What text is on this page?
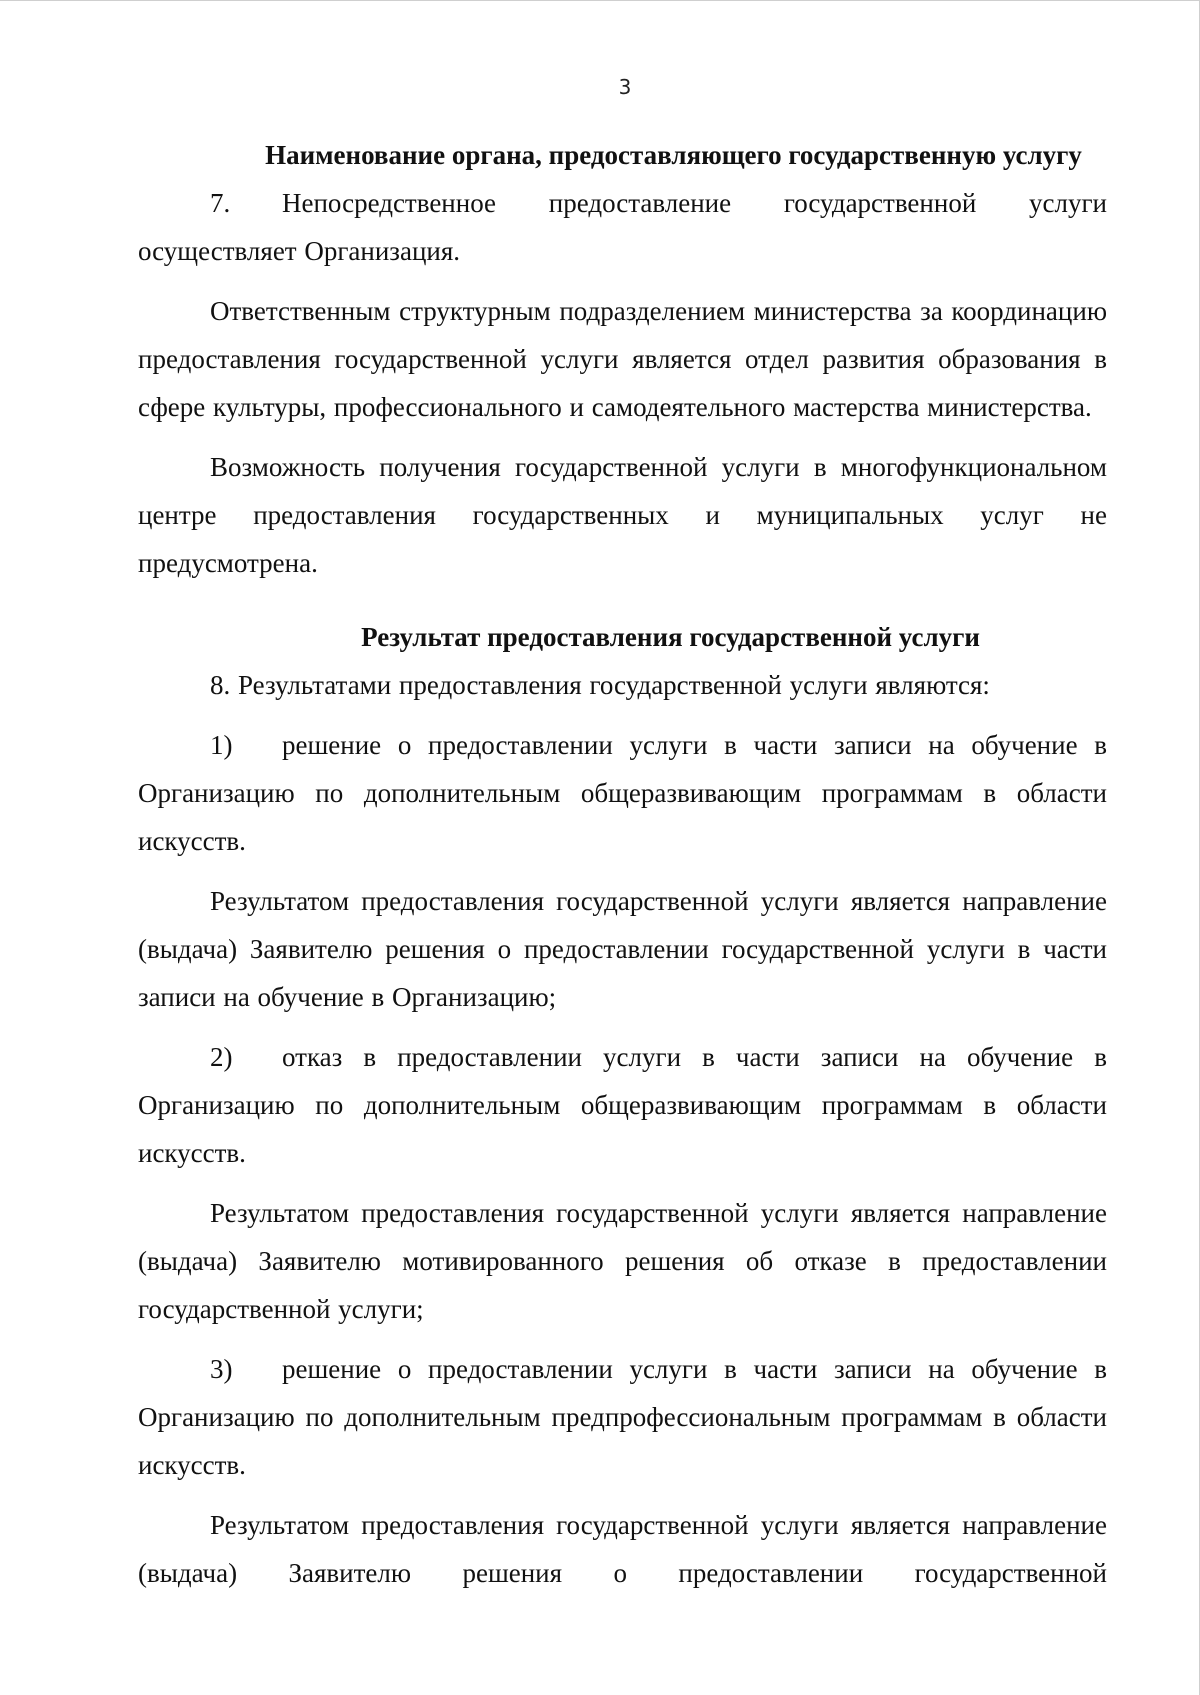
3

Наименование органа, предоставляющего государственную услугу

7. Непосредственное предоставление государственной услуги осуществляет Организация.

Ответственным структурным подразделением министерства за координацию предоставления государственной услуги является отдел развития образования в сфере культуры, профессионального и самодеятельного мастерства министерства.

Возможность получения государственной услуги в многофункциональном центре предоставления государственных и муниципальных услуг не предусмотрена.

Результат предоставления государственной услуги

8. Результатами предоставления государственной услуги являются:

1) решение о предоставлении услуги в части записи на обучение в Организацию по дополнительным общеразвивающим программам в области искусств.

Результатом предоставления государственной услуги является направление (выдача) Заявителю решения о предоставлении государственной услуги в части записи на обучение в Организацию;

2) отказ в предоставлении услуги в части записи на обучение в Организацию по дополнительным общеразвивающим программам в области искусств.

Результатом предоставления государственной услуги является направление (выдача) Заявителю мотивированного решения об отказе в предоставлении государственной услуги;

3) решение о предоставлении услуги в части записи на обучение в Организацию по дополнительным предпрофессиональным программам в области искусств.

Результатом предоставления государственной услуги является направление (выдача) Заявителю решения о предоставлении государственной
